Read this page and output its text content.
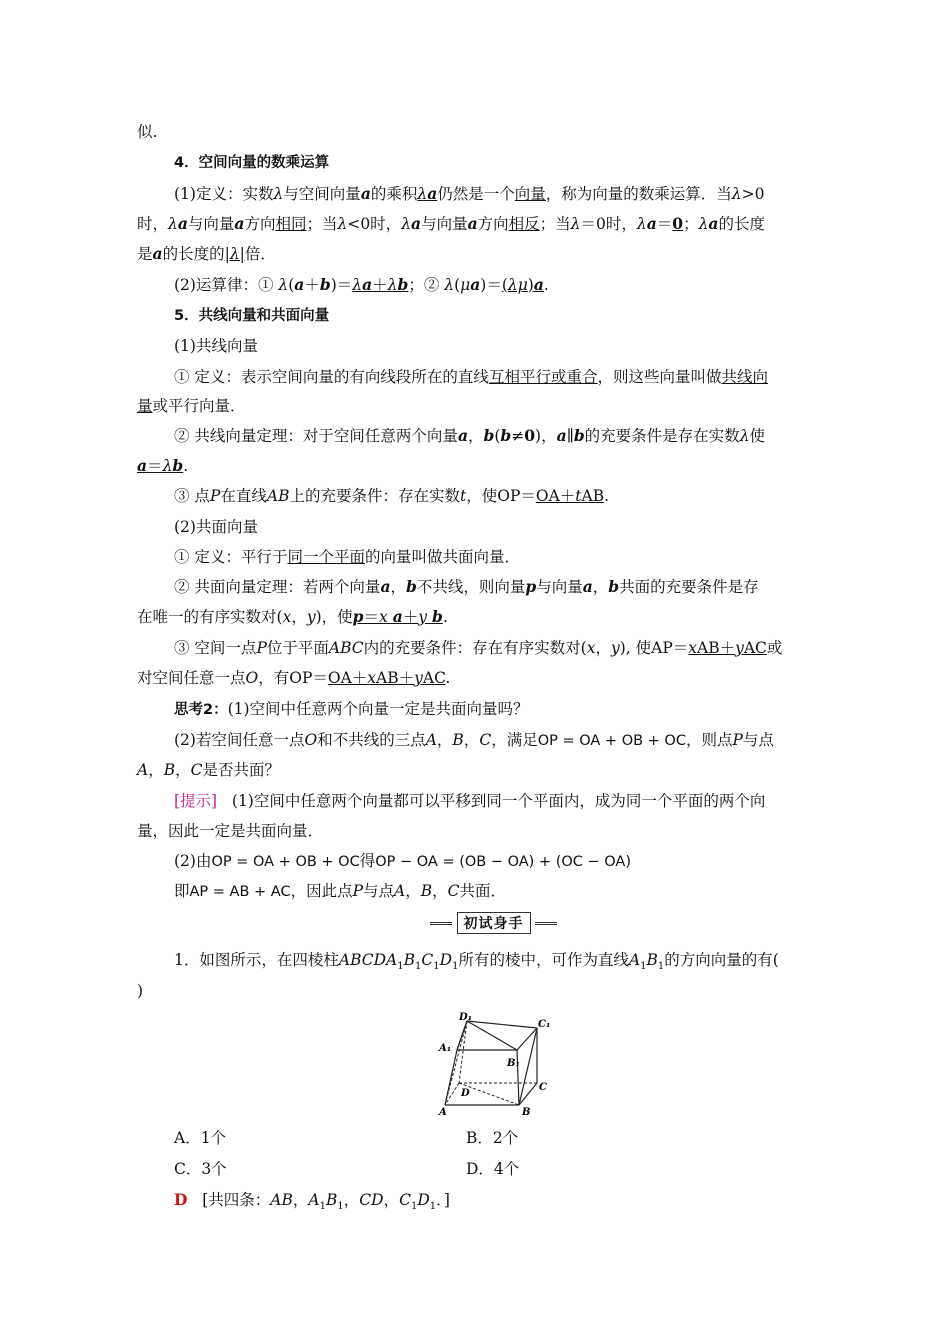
似.
4．空间向量的数乘运算
(1)定义：实数λ与空间向量a的乘积λa仍然是一个向量，称为向量的数乘运算．当λ>0
时，λa与向量a方向相同；当λ<0时，λa与向量a方向相反；当λ＝0时，λa＝0；λa的长度
是a的长度的|λ|倍．
(2)运算律：① λ(a＋b)＝λa＋λb；② λ(μa)＝(λμ)a.
5．共线向量和共面向量
(1)共线向量
① 定义：表示空间向量的有向线段所在的直线互相平行或重合，则这些向量叫做共线向
量或平行向量．
② 共线向量定理：对于空间任意两个向量a，b(b≠0)，a∥b的充要条件是存在实数λ使
a＝λb.
③ 点P在直线AB上的充要条件：存在实数t，使OP＝OA＋tAB.
(2)共面向量
① 定义：平行于同一个平面的向量叫做共面向量．
② 共面向量定理：若两个向量a，b不共线，则向量p与向量a，b共面的充要条件是存
在唯一的有序实数对(x，y)，使p＝x a＋y b.
③ 空间一点P位于平面ABC内的充要条件：存在有序实数对(x，y), 使AP＝xAB＋yAC或
对空间任意一点O，有OP＝OA＋xAB＋yAC.
思考2：(1)空间中任意两个向量一定是共面向量吗？
(2)若空间任意一点O和不共线的三点A，B，C，满足OP = OA + OB + OC，则点P与点
A，B，C是否共面？
[提示]   (1)空间中任意两个向量都可以平移到同一个平面内，成为同一个平面的两个向
量，因此一定是共面向量．
(2)由OP = OA + OB + OC得OP − OA = (OB − OA) + (OC − OA)
即AP = AB + AC，因此点P与点A，B，C共面．
初试身手
1．如图所示，在四棱柱$ABCDA_1B_1C_1D_1$所有的棱中，可作为直线$A_1B_1$的方向向量的有(
)
D₁
C₁
A₁
B₁
C
D
A	B
A．1个	B．2个
C．3个	D．4个
D   [共四条：AB，$A_1B_1$，CD，$C_1D_1$．]
